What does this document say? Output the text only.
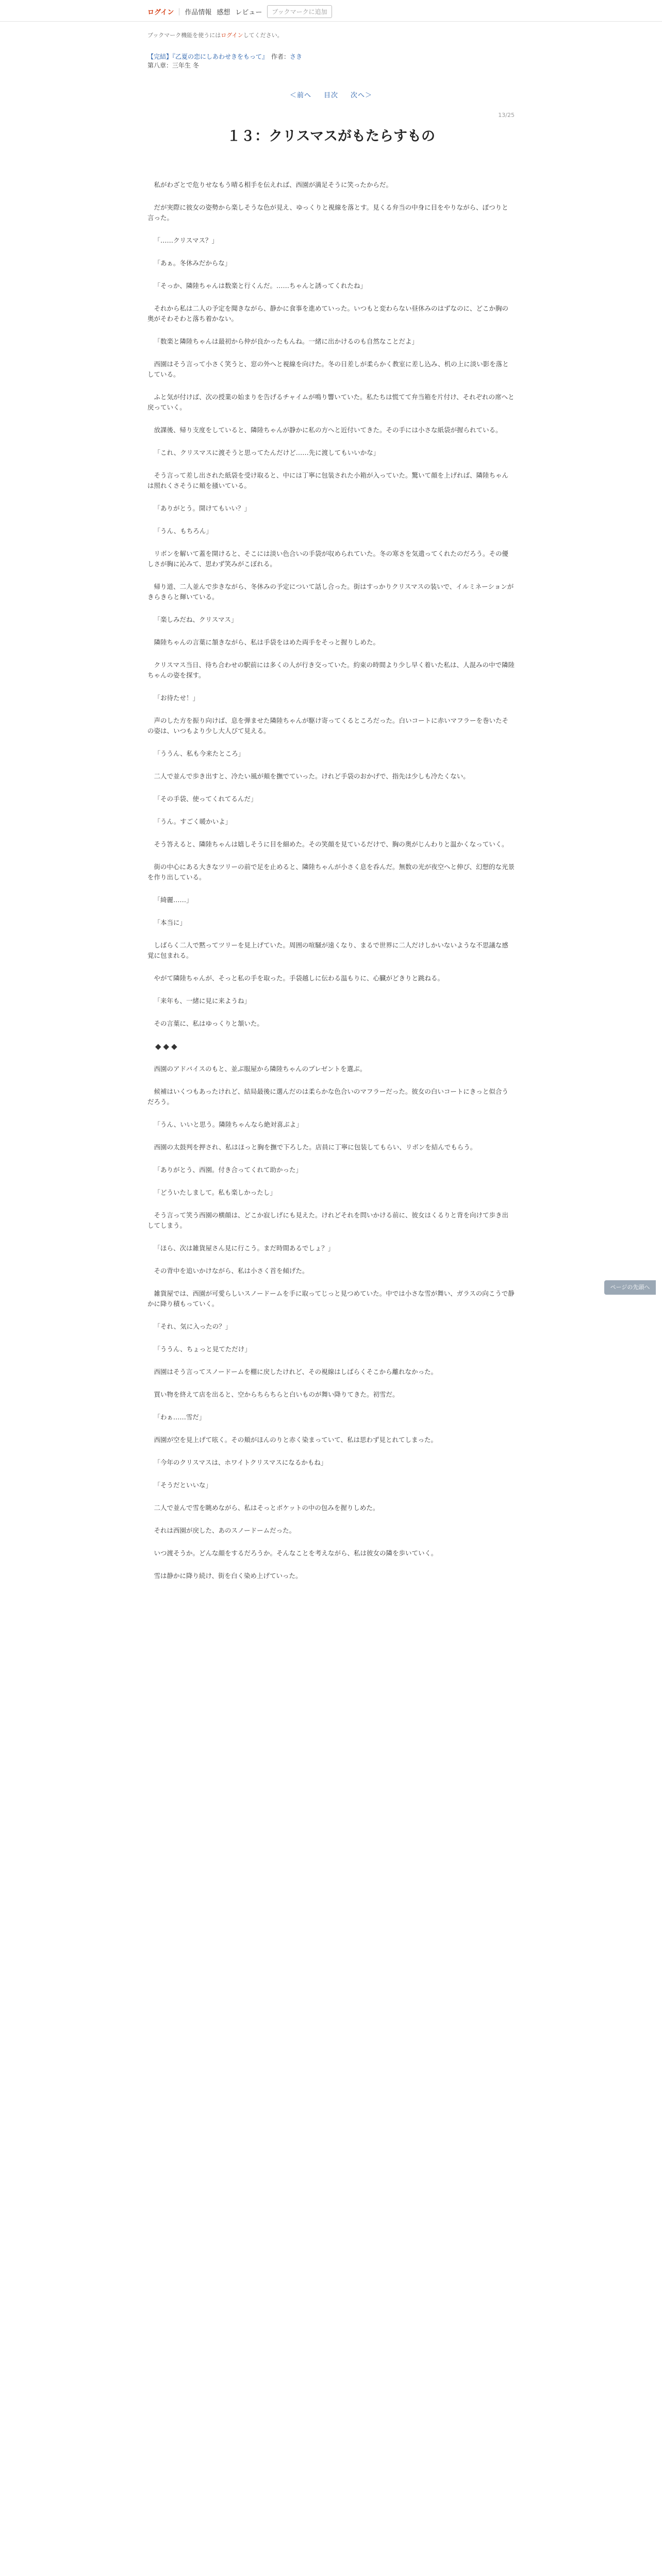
ログイン 作品情報 感想 レビュー	ブックマークに追加
ブックマーク機能を使うにはログインしてください。
【完結】『乙夏の恋にしあわせきをもって』　 作者：さき
第八章：三年生 冬
＜前へ 目次 次へ＞
13/25
１３：クリスマスがもたらすもの

私がわざとで危りせなもう晴る相手を伝えれば、西園が満足そうに笑ったからだ。

だが実際に彼女の姿勢から楽しそうな色が見え、ゆっくりと視線を落とす。見くる弁当の中身に目をやりながら、ぽつりと言った。

「……クリスマス？」

「あぁ。冬休みだからな」

「そっか、隣陸ちゃんは数楽と行くんだ。……ちゃんと誘ってくれたね」

それから私は二人の予定を聞きながら、静かに食事を進めていった。いつもと変わらない昼休みのはずなのに、どこか胸の奥がそわそわと落ち着かない。

「数楽と隣陸ちゃんは最初から仲が良かったもんね。一緒に出かけるのも自然なことだよ」

西園はそう言って小さく笑うと、窓の外へと視線を向けた。冬の日差しが柔らかく教室に差し込み、机の上に淡い影を落としている。

ふと気が付けば、次の授業の始まりを告げるチャイムが鳴り響いていた。私たちは慌てて弁当箱を片付け、それぞれの席へと戻っていく。

放課後、帰り支度をしていると、隣陸ちゃんが静かに私の方へと近付いてきた。その手には小さな紙袋が握られている。

「これ、クリスマスに渡そうと思ってたんだけど……先に渡してもいいかな」

そう言って差し出された紙袋を受け取ると、中には丁寧に包装された小箱が入っていた。驚いて顔を上げれば、隣陸ちゃんは照れくさそうに頬を掻いている。

「ありがとう。開けてもいい？」

「うん、もちろん」

リボンを解いて蓋を開けると、そこには淡い色合いの手袋が収められていた。冬の寒さを気遣ってくれたのだろう。その優しさが胸に沁みて、思わず笑みがこぼれる。

帰り道、二人並んで歩きながら、冬休みの予定について話し合った。街はすっかりクリスマスの装いで、イルミネーションがきらきらと輝いている。

「楽しみだね、クリスマス」

隣陸ちゃんの言葉に頷きながら、私は手袋をはめた両手をそっと握りしめた。

クリスマス当日、待ち合わせの駅前には多くの人が行き交っていた。約束の時間より少し早く着いた私は、人混みの中で隣陸ちゃんの姿を探す。

「お待たせ！」

声のした方を振り向けば、息を弾ませた隣陸ちゃんが駆け寄ってくるところだった。白いコートに赤いマフラーを巻いたその姿は、いつもより少し大人びて見える。

「ううん、私も今来たところ」

二人で並んで歩き出すと、冷たい風が頬を撫でていった。けれど手袋のおかげで、指先は少しも冷たくない。

「その手袋、使ってくれてるんだ」

「うん。すごく暖かいよ」

そう答えると、隣陸ちゃんは嬉しそうに目を細めた。その笑顔を見ているだけで、胸の奥がじんわりと温かくなっていく。

街の中心にある大きなツリーの前で足を止めると、隣陸ちゃんが小さく息を呑んだ。無数の光が夜空へと伸び、幻想的な光景を作り出している。

「綺麗……」

「本当に」

しばらく二人で黙ってツリーを見上げていた。周囲の喧騒が遠くなり、まるで世界に二人だけしかいないような不思議な感覚に包まれる。

やがて隣陸ちゃんが、そっと私の手を取った。手袋越しに伝わる温もりに、心臓がどきりと跳ねる。

「来年も、一緒に見に来ようね」

その言葉に、私はゆっくりと頷いた。

◆◆◆

西園のアドバイスのもと、並ぶ服屋から隣陸ちゃんのプレゼントを選ぶ。

候補はいくつもあったけれど、結局最後に選んだのは柔らかな色合いのマフラーだった。彼女の白いコートにきっと似合うだろう。

「うん、いいと思う。隣陸ちゃんなら絶対喜ぶよ」

西園の太鼓判を押され、私はほっと胸を撫で下ろした。店員に丁寧に包装してもらい、リボンを結んでもらう。

「ありがとう、西園。付き合ってくれて助かった」

「どういたしまして。私も楽しかったし」

そう言って笑う西園の横顔は、どこか寂しげにも見えた。けれどそれを問いかける前に、彼女はくるりと背を向けて歩き出してしまう。

「ほら、次は雑貨屋さん見に行こう。まだ時間あるでしょ？」

その背中を追いかけながら、私は小さく首を傾げた。

雑貨屋では、西園が可愛らしいスノードームを手に取ってじっと見つめていた。中では小さな雪が舞い、ガラスの向こうで静かに降り積もっていく。

「それ、気に入ったの？」

「ううん、ちょっと見てただけ」

西園はそう言ってスノードームを棚に戻したけれど、その視線はしばらくそこから離れなかった。

買い物を終えて店を出ると、空からちらちらと白いものが舞い降りてきた。初雪だ。

「わぁ……雪だ」

西園が空を見上げて呟く。その頬がほんのりと赤く染まっていて、私は思わず見とれてしまった。

「今年のクリスマスは、ホワイトクリスマスになるかもね」

「そうだといいな」

二人で並んで雪を眺めながら、私はそっとポケットの中の包みを握りしめた。

それは西園が戻した、あのスノードームだった。

いつ渡そうか。どんな顔をするだろうか。そんなことを考えながら、私は彼女の隣を歩いていく。

雪は静かに降り続け、街を白く染め上げていった。

ページの先頭へ
